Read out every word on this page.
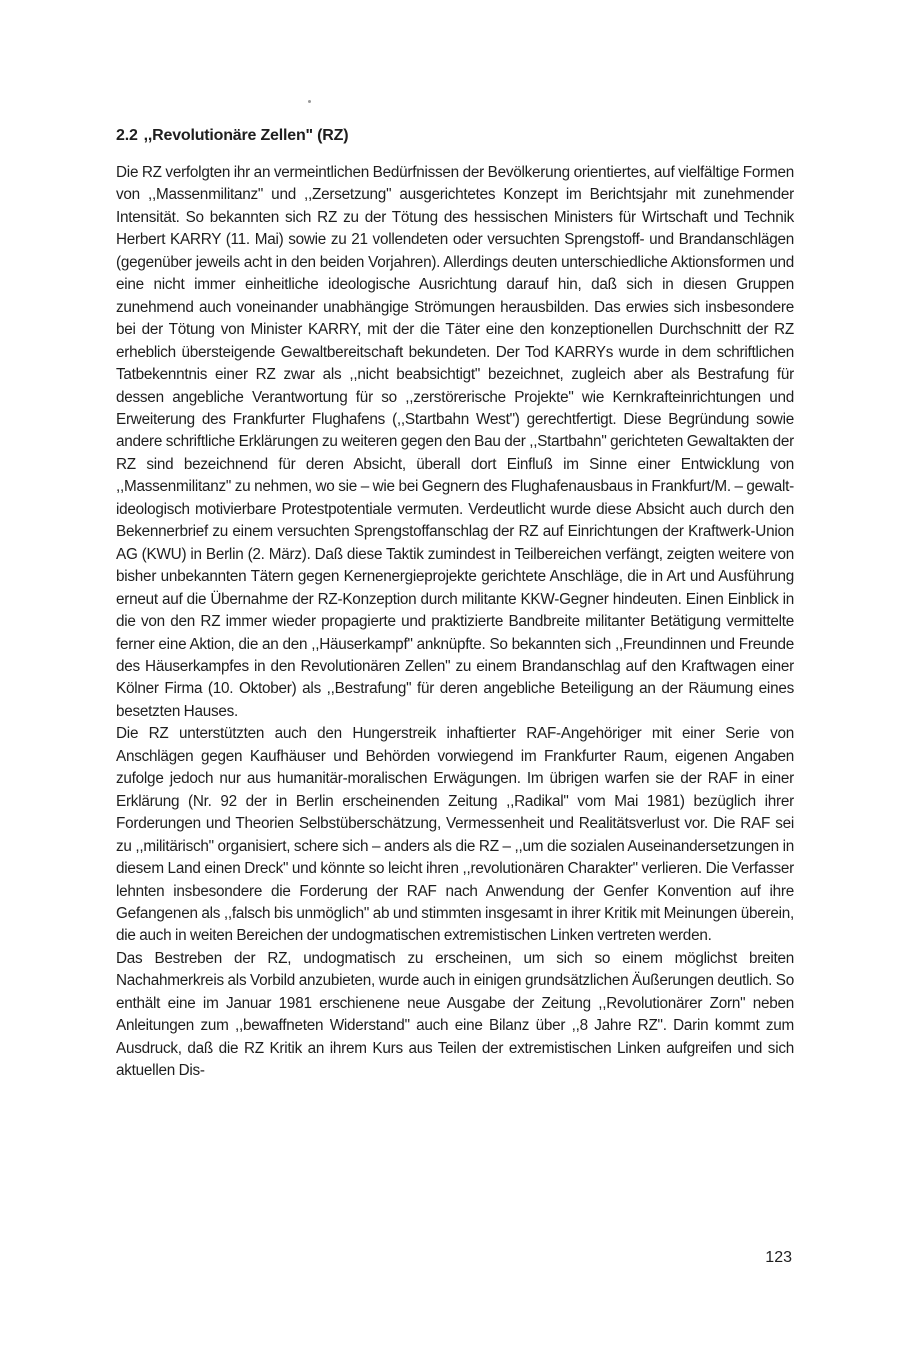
2.2 ,,Revolutionäre Zellen" (RZ)

Die RZ verfolgten ihr an vermeintlichen Bedürfnissen der Bevölkerung orientiertes, auf vielfältige Formen von ,,Massenmilitanz" und ,,Zersetzung" ausgerichtetes Konzept im Berichtsjahr mit zunehmender Intensität. So bekannten sich RZ zu der Tötung des hessischen Ministers für Wirtschaft und Technik Herbert KARRY (11. Mai) sowie zu 21 vollendeten oder versuchten Sprengstoff- und Brandanschlägen (gegenüber jeweils acht in den beiden Vorjahren). Allerdings deuten unterschiedliche Aktionsformen und eine nicht immer einheitliche ideologische Ausrichtung darauf hin, daß sich in diesen Gruppen zunehmend auch voneinander unabhängige Strömungen herausbilden. Das erwies sich insbesondere bei der Tötung von Minister KARRY, mit der die Täter eine den konzeptionellen Durchschnitt der RZ erheblich übersteigende Gewaltbereitschaft bekundeten. Der Tod KARRYs wurde in dem schriftlichen Tatbekenntnis einer RZ zwar als ,,nicht beabsichtigt" bezeichnet, zugleich aber als Bestrafung für dessen angebliche Verantwortung für so ,,zerstörerische Projekte" wie Kernkrafteinrichtungen und Erweiterung des Frankfurter Flughafens (,,Startbahn West") gerechtfertigt. Diese Begründung sowie andere schriftliche Erklärungen zu weiteren gegen den Bau der ,,Startbahn" gerichteten Gewaltakten der RZ sind bezeichnend für deren Absicht, überall dort Einfluß im Sinne einer Entwicklung von ,,Massenmilitanz" zu nehmen, wo sie – wie bei Gegnern des Flughafenausbaus in Frankfurt/M. – gewalt-ideologisch motivierbare Protestpotentiale vermuten. Verdeutlicht wurde diese Absicht auch durch den Bekennerbrief zu einem versuchten Sprengstoffanschlag der RZ auf Einrichtungen der Kraftwerk-Union AG (KWU) in Berlin (2. März). Daß diese Taktik zumindest in Teilbereichen verfängt, zeigten weitere von bisher unbekannten Tätern gegen Kernenergieprojekte gerichtete Anschläge, die in Art und Ausführung erneut auf die Übernahme der RZ-Konzeption durch militante KKW-Gegner hindeuten. Einen Einblick in die von den RZ immer wieder propagierte und praktizierte Bandbreite militanter Betätigung vermittelte ferner eine Aktion, die an den ,,Häuserkampf" anknüpfte. So bekannten sich ,,Freundinnen und Freunde des Häuserkampfes in den Revolutionären Zellen" zu einem Brandanschlag auf den Kraftwagen einer Kölner Firma (10. Oktober) als ,,Bestrafung" für deren angebliche Beteiligung an der Räumung eines besetzten Hauses.

Die RZ unterstützten auch den Hungerstreik inhaftierter RAF-Angehöriger mit einer Serie von Anschlägen gegen Kaufhäuser und Behörden vorwiegend im Frankfurter Raum, eigenen Angaben zufolge jedoch nur aus humanitär-moralischen Erwägungen. Im übrigen warfen sie der RAF in einer Erklärung (Nr. 92 der in Berlin erscheinenden Zeitung ,,Radikal" vom Mai 1981) bezüglich ihrer Forderungen und Theorien Selbstüberschätzung, Vermessenheit und Realitätsverlust vor. Die RAF sei zu ,,militärisch" organisiert, schere sich – anders als die RZ – ,,um die sozialen Auseinandersetzungen in diesem Land einen Dreck" und könnte so leicht ihren ,,revolutionären Charakter" verlieren. Die Verfasser lehnten insbesondere die Forderung der RAF nach Anwendung der Genfer Konvention auf ihre Gefangenen als ,,falsch bis unmöglich" ab und stimmten insgesamt in ihrer Kritik mit Meinungen überein, die auch in weiten Bereichen der undogmatischen extremistischen Linken vertreten werden.

Das Bestreben der RZ, undogmatisch zu erscheinen, um sich so einem möglichst breiten Nachahmerkreis als Vorbild anzubieten, wurde auch in einigen grundsätzlichen Äußerungen deutlich. So enthält eine im Januar 1981 erschienene neue Ausgabe der Zeitung ,,Revolutionärer Zorn" neben Anleitungen zum ,,bewaffneten Widerstand" auch eine Bilanz über ,,8 Jahre RZ". Darin kommt zum Ausdruck, daß die RZ Kritik an ihrem Kurs aus Teilen der extremistischen Linken aufgreifen und sich aktuellen Dis-

123
